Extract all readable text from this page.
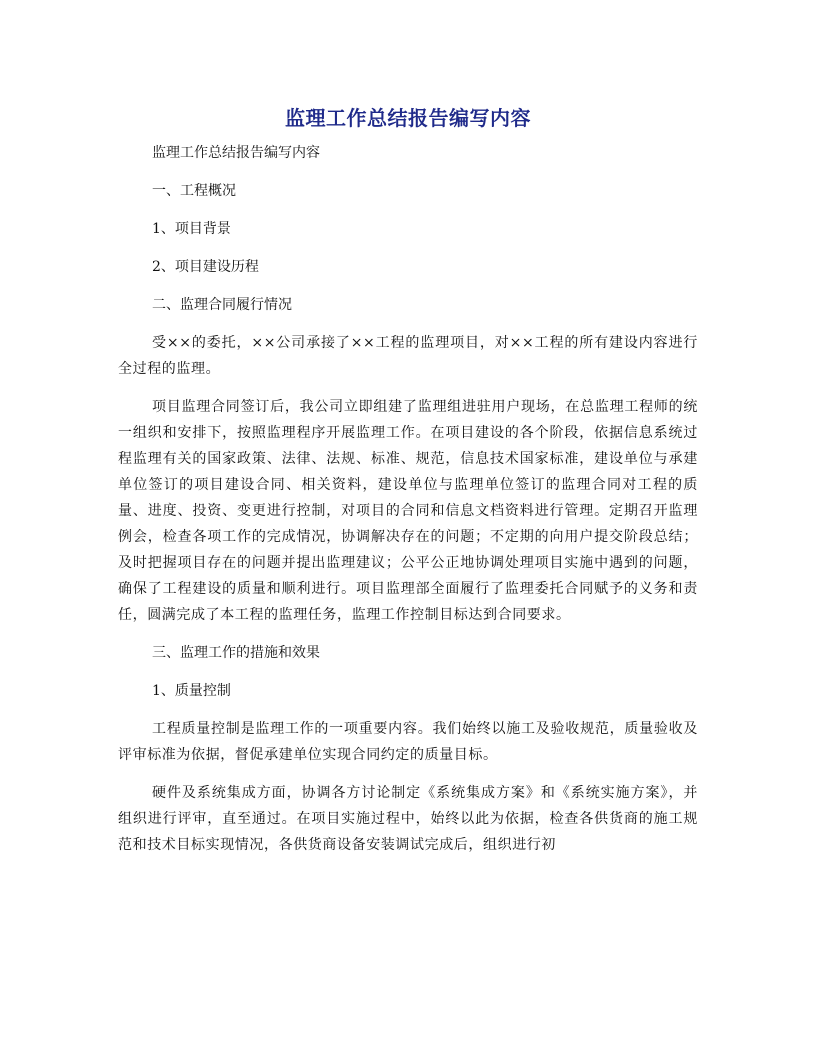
监理工作总结报告编写内容

监理工作总结报告编写内容

一、工程概况

1、项目背景

2、项目建设历程

二、监理合同履行情况

受××的委托，××公司承接了××工程的监理项目，对××工程的所有建设内容进行全过程的监理。

项目监理合同签订后，我公司立即组建了监理组进驻用户现场，在总监理工程师的统一组织和安排下，按照监理程序开展监理工作。在项目建设的各个阶段，依据信息系统过程监理有关的国家政策、法律、法规、标准、规范，信息技术国家标准，建设单位与承建单位签订的项目建设合同、相关资料，建设单位与监理单位签订的监理合同对工程的质量、进度、投资、变更进行控制，对项目的合同和信息文档资料进行管理。定期召开监理例会，检查各项工作的完成情况，协调解决存在的问题；不定期的向用户提交阶段总结；及时把握项目存在的问题并提出监理建议；公平公正地协调处理项目实施中遇到的问题，确保了工程建设的质量和顺利进行。项目监理部全面履行了监理委托合同赋予的义务和责任，圆满完成了本工程的监理任务，监理工作控制目标达到合同要求。

三、监理工作的措施和效果

1、质量控制

工程质量控制是监理工作的一项重要内容。我们始终以施工及验收规范，质量验收及评审标准为依据，督促承建单位实现合同约定的质量目标。

硬件及系统集成方面，协调各方讨论制定《系统集成方案》和《系统实施方案》，并组织进行评审，直至通过。在项目实施过程中，始终以此为依据，检查各供货商的施工规范和技术目标实现情况，各供货商设备安装调试完成后，组织进行初
